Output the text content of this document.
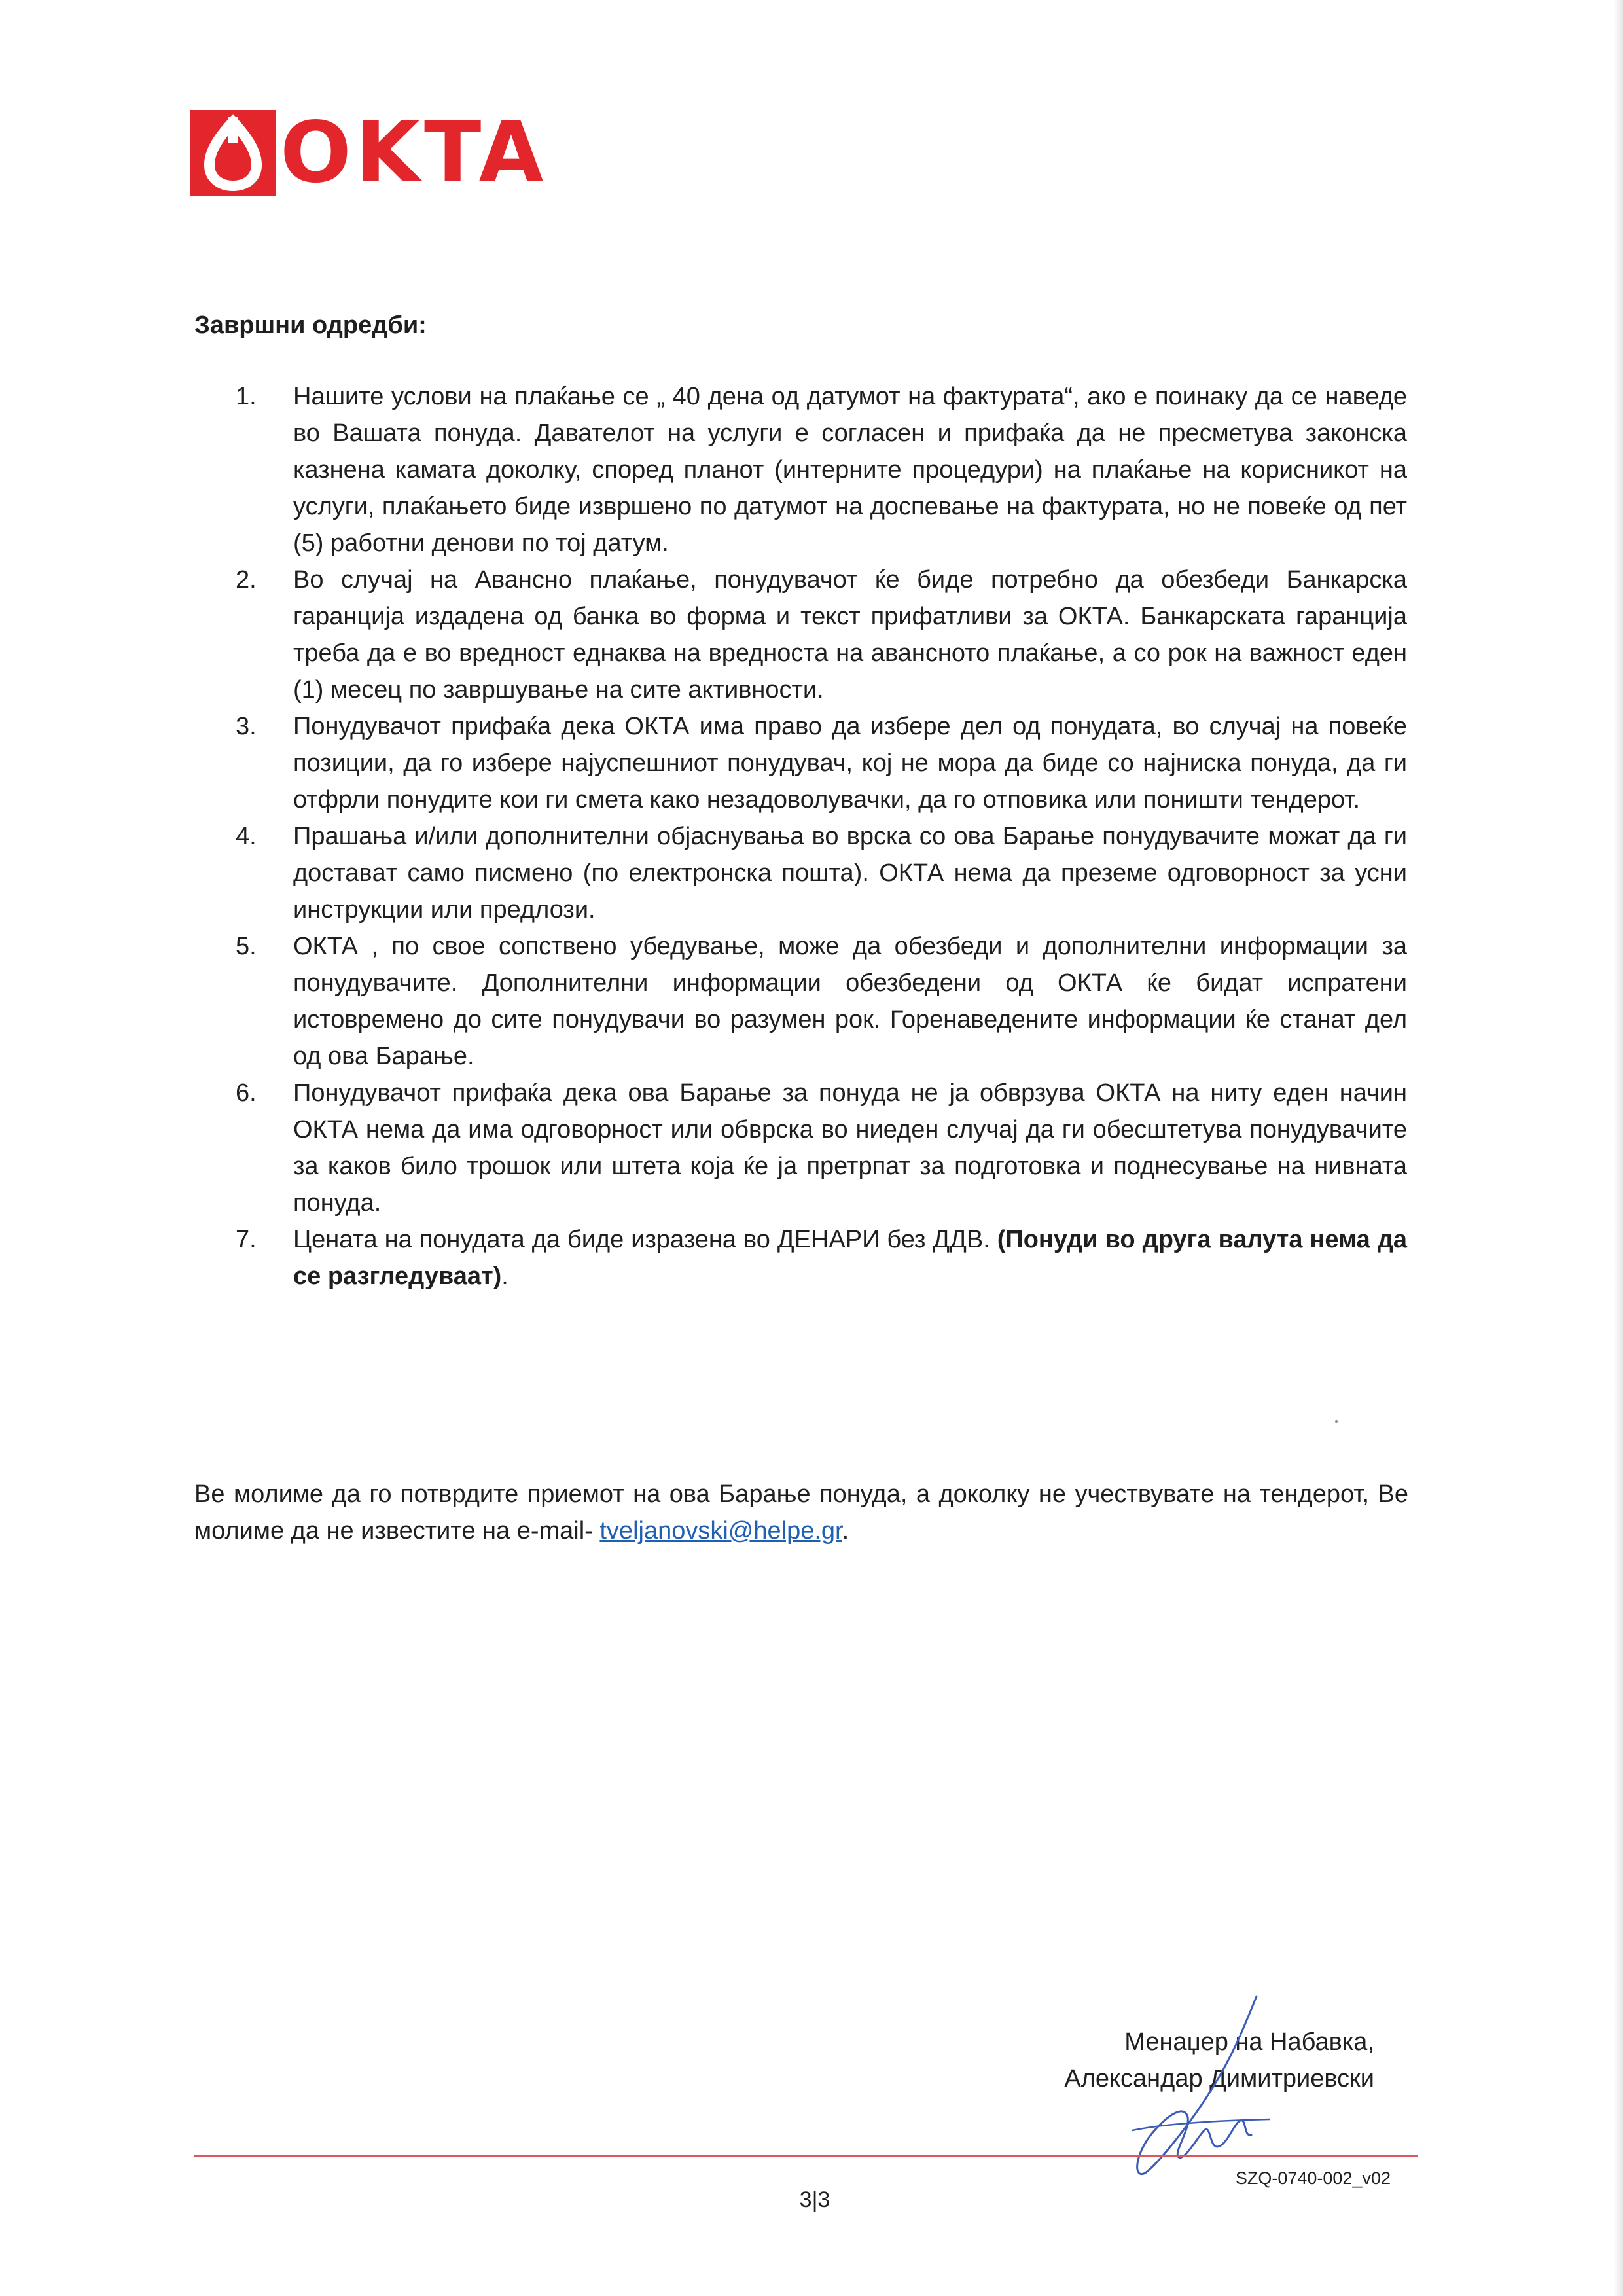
OKTA
Завршни одредби:
1.	Нашите услови на плаќање се „ 40 дена од датумот на фактурата“, ако е поинаку да се наведе во Вашата понуда. Давателот на услуги е согласен и прифаќа да не пресметува законска казнена камата доколку, според планот (интерните процедури) на плаќање на корисникот на услуги, плаќањето биде извршено по датумот на доспевање на фактурата, но не повеќе од пет (5) работни денови по тој датум.
2.	Во случај на Авансно плаќање, понудувачот ќе биде потребно да обезбеди Банкарска гаранција издадена од банка во форма и текст прифатливи за ОКТА. Банкарската гаранција треба да е во вредност еднаква на вредноста на авансното плаќање, а со рок на важност еден (1) месец по завршување на сите активности.
3.	Понудувачот прифаќа дека ОКТА има право да избере дел од понудата, во случај на повеќе позиции, да го избере најуспешниот понудувач, кој не мора да биде со најниска понуда, да ги отфрли понудите кои ги смета како незадоволувачки, да го отповика или поништи тендерот.
4.	Прашања и/или дополнителни објаснувања во врска со ова Барање понудувачите можат да ги доставaт само писмено (по електронска пошта). ОКТА нема да преземе одговорност за усни инструкции или предлози.
5.	ОКТА , по свое сопствено убедување, може да обезбеди и дополнителни информации за понудувачите. Дополнителни информации обезбедени од ОКТА ќе бидат испратени истовремено до сите понудувачи во разумен рок. Горенаведените информации ќе станат дел од ова Барање.
6.	Понудувачот прифаќа дека ова Барање за понуда не ја обврзува ОКТА на ниту еден начин ОКТА нема да има одговорност или обврска во ниеден случај да ги обесштетува понудувачите за каков било трошок или штета која ќе ја претрпат за подготовка и поднесување на нивната понуда.
7.	Цената на понудата да биде изразена во ДЕНАРИ без ДДВ. (Понуди во друга валута нема да се разгледуваат).
Ве молиме да го потврдите приемот на ова Барање понуда, а доколку не учествувате на тендерот, Ве молиме да не известите на e-mail- tveljanovski@helpe.gr.
Менаџер на Набавка,
Александар Димитриевски
SZQ-0740-002_v02
3|3
